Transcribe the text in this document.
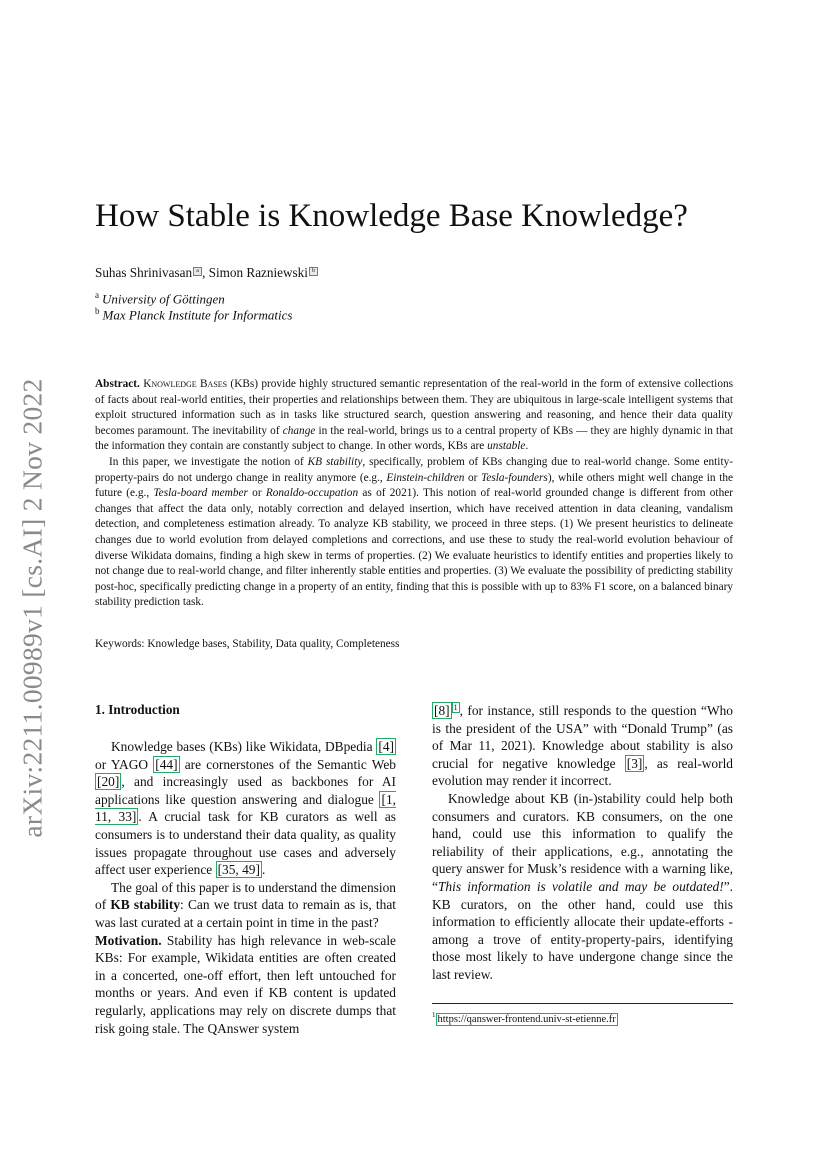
arXiv:2211.00989v1 [cs.AI] 2 Nov 2022
How Stable is Knowledge Base Knowledge?
Suhas Shrinivasan a , Simon Razniewski b
$^a$ University of Göttingen
$^b$ Max Planck Institute for Informatics

Abstract. Knowledge Bases (KBs) provide highly structured semantic representation of the real-world in the form of extensive collections of facts about real-world entities, their properties and relationships between them. They are ubiquitous in large-scale intelligent systems that exploit structured information such as in tasks like structured search, question answering and reasoning, and hence their data quality becomes paramount. The inevitability of change in the real-world, brings us to a central property of KBs — they are highly dynamic in that the information they contain are constantly subject to change. In other words, KBs are unstable.

In this paper, we investigate the notion of KB stability, specifically, problem of KBs changing due to real-world change. Some entity-property-pairs do not undergo change in reality anymore (e.g., Einstein-children or Tesla-founders), while others might well change in the future (e.g., Tesla-board member or Ronaldo-occupation as of 2021). This notion of real-world grounded change is different from other changes that affect the data only, notably correction and delayed insertion, which have received attention in data cleaning, vandalism detection, and completeness estimation already. To analyze KB stability, we proceed in three steps. (1) We present heuristics to delineate changes due to world evolution from delayed completions and corrections, and use these to study the real-world evolution behaviour of diverse Wikidata domains, finding a high skew in terms of properties. (2) We evaluate heuristics to identify entities and properties likely to not change due to real-world change, and filter inherently stable entities and properties. (3) We evaluate the possibility of predicting stability post-hoc, specifically predicting change in a property of an entity, finding that this is possible with up to 83% F1 score, on a balanced binary stability prediction task.

Keywords: Knowledge bases, Stability, Data quality, Completeness
1. Introduction

Knowledge bases (KBs) like Wikidata, DBpedia [4] or YAGO [44] are cornerstones of the Semantic Web [20] , and increasingly used as backbones for AI applications like question answering and dialogue [1, 11, 33] . A crucial task for KB curators as well as consumers is to understand their data quality, as quality issues propagate throughout use cases and adversely affect user experience [35, 49] .

The goal of this paper is to understand the dimension of KB stability: Can we trust data to remain as is, that was last curated at a certain point in time in the past?

Motivation. Stability has high relevance in web-scale KBs: For example, Wikidata entities are often created in a concerted, one-off effort, then left untouched for months or years. And even if KB content is updated regularly, applications may rely on discrete dumps that risk going stale. The QAnswer system

[8] $^1$ , for instance, still responds to the question “Who is the president of the USA” with “Donald Trump” (as of Mar 11, 2021). Knowledge about stability is also crucial for negative knowledge [3] , as real-world evolution may render it incorrect.

Knowledge about KB (in-)stability could help both consumers and curators. KB consumers, on the one hand, could use this information to qualify the reliability of their applications, e.g., annotating the query answer for Musk’s residence with a warning like, “This information is volatile and may be outdated!”. KB curators, on the other hand, could use this information to efficiently allocate their update-efforts - among a trove of entity-property-pairs, identifying those most likely to have undergone change since the last review.

$^1$ https://qanswer-frontend.univ-st-etienne.fr
